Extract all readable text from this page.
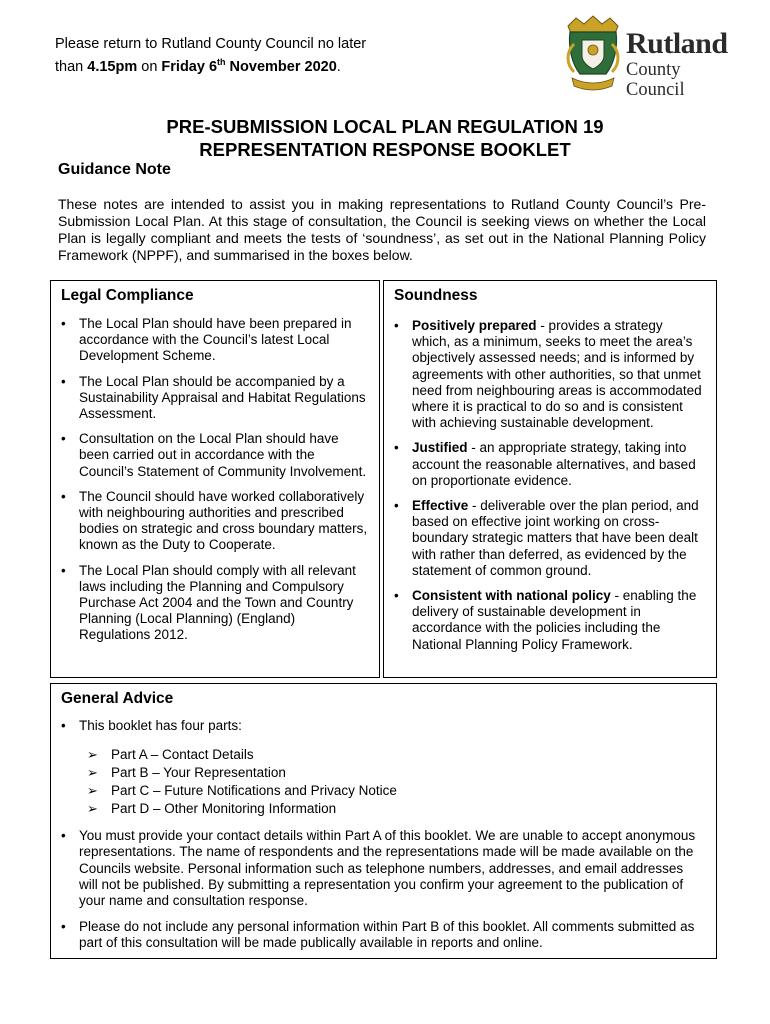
Please return to Rutland County Council no later than 4.15pm on Friday 6th November 2020.
Rutland
County Council
PRE-SUBMISSION LOCAL PLAN REGULATION 19
REPRESENTATION RESPONSE BOOKLET
Guidance Note
These notes are intended to assist you in making representations to Rutland County Council’s Pre-Submission Local Plan. At this stage of consultation, the Council is seeking views on whether the Local Plan is legally compliant and meets the tests of ‘soundness’, as set out in the National Planning Policy Framework (NPPF), and summarised in the boxes below.
Legal Compliance
• The Local Plan should have been prepared in accordance with the Council’s latest Local Development Scheme.
• The Local Plan should be accompanied by a Sustainability Appraisal and Habitat Regulations Assessment.
• Consultation on the Local Plan should have been carried out in accordance with the Council’s Statement of Community Involvement.
• The Council should have worked collaboratively with neighbouring authorities and prescribed bodies on strategic and cross boundary matters, known as the Duty to Cooperate.
• The Local Plan should comply with all relevant laws including the Planning and Compulsory Purchase Act 2004 and the Town and Country Planning (Local Planning) (England) Regulations 2012.
Soundness
• Positively prepared - provides a strategy which, as a minimum, seeks to meet the area’s objectively assessed needs; and is informed by agreements with other authorities, so that unmet need from neighbouring areas is accommodated where it is practical to do so and is consistent with achieving sustainable development.
• Justified - an appropriate strategy, taking into account the reasonable alternatives, and based on proportionate evidence.
• Effective - deliverable over the plan period, and based on effective joint working on cross-boundary strategic matters that have been dealt with rather than deferred, as evidenced by the statement of common ground.
• Consistent with national policy - enabling the delivery of sustainable development in accordance with the policies including the National Planning Policy Framework.
General Advice
• This booklet has four parts:
➢ Part A – Contact Details
➢ Part B – Your Representation
➢ Part C – Future Notifications and Privacy Notice
➢ Part D – Other Monitoring Information
• You must provide your contact details within Part A of this booklet. We are unable to accept anonymous representations. The name of respondents and the representations made will be made available on the Councils website. Personal information such as telephone numbers, addresses, and email addresses will not be published. By submitting a representation you confirm your agreement to the publication of your name and consultation response.
• Please do not include any personal information within Part B of this booklet. All comments submitted as part of this consultation will be made publically available in reports and online.
